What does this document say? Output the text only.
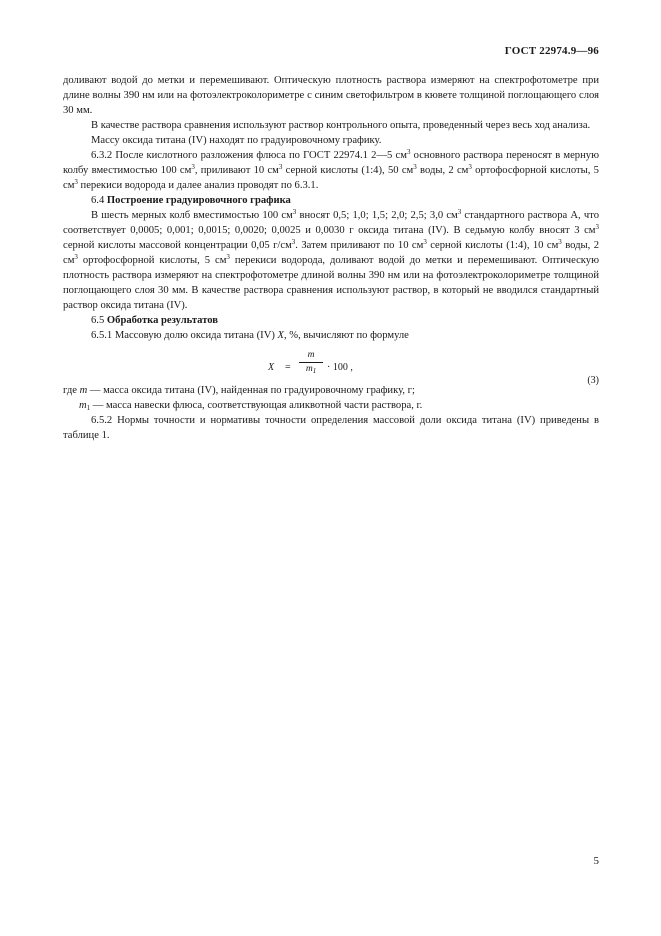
ГОСТ 22974.9—96

доливают водой до метки и перемешивают. Оптическую плотность раствора измеряют на спектрофотометре при длине волны 390 нм или на фотоэлектроколориметре с синим светофильтром в кювете толщиной поглощающего слоя 30 мм.

В качестве раствора сравнения используют раствор контрольного опыта, проведенный через весь ход анализа.

Массу оксида титана (IV) находят по градуировочному графику.

6.3.2 После кислотного разложения флюса по ГОСТ 22974.1 2—5 $см^3$ основного раствора переносят в мерную колбу вместимостью 100 $см^3$, приливают 10 $см^3$ серной кислоты (1:4), 50 $см^3$ воды, 2 $см^3$ ортофосфорной кислоты, 5 $см^3$ перекиси водорода и далее анализ проводят по 6.3.1.

6.4 Построение градуировочного графика

В шесть мерных колб вместимостью 100 $см^3$ вносят 0,5; 1,0; 1,5; 2,0; 2,5; 3,0 $см^3$ стандартного раствора А, что соответствует 0,0005; 0,001; 0,0015; 0,0020; 0,0025 и 0,0030 г оксида титана (IV). В седьмую колбу вносят 3 $см^3$ серной кислоты массовой концентрации 0,05 $г/см^3$. Затем приливают по 10 $см^3$ серной кислоты (1:4), 10 $см^3$ воды, 2 $см^3$ ортофосфорной кислоты, 5 $см^3$ перекиси водорода, доливают водой до метки и перемешивают. Оптическую плотность раствора измеряют на спектрофотометре длиной волны 390 нм или на фотоэлектроколориметре толщиной поглощающего слоя 30 мм. В качестве раствора сравнения используют раствор, в который не вводился стандартный раствор оксида титана (IV).

6.5 Обработка результатов

6.5.1 Массовую долю оксида титана (IV) X, %, вычисляют по формуле

X =
m
$m_1$	· 100 ,
(3)

где m — масса оксида титана (IV), найденная по градуировочному графику, г;

$m_1$ — масса навески флюса, соответствующая аликвотной части раствора, г.

6.5.2 Нормы точности и нормативы точности определения массовой доли оксида титана (IV) приведены в таблице 1.

5
